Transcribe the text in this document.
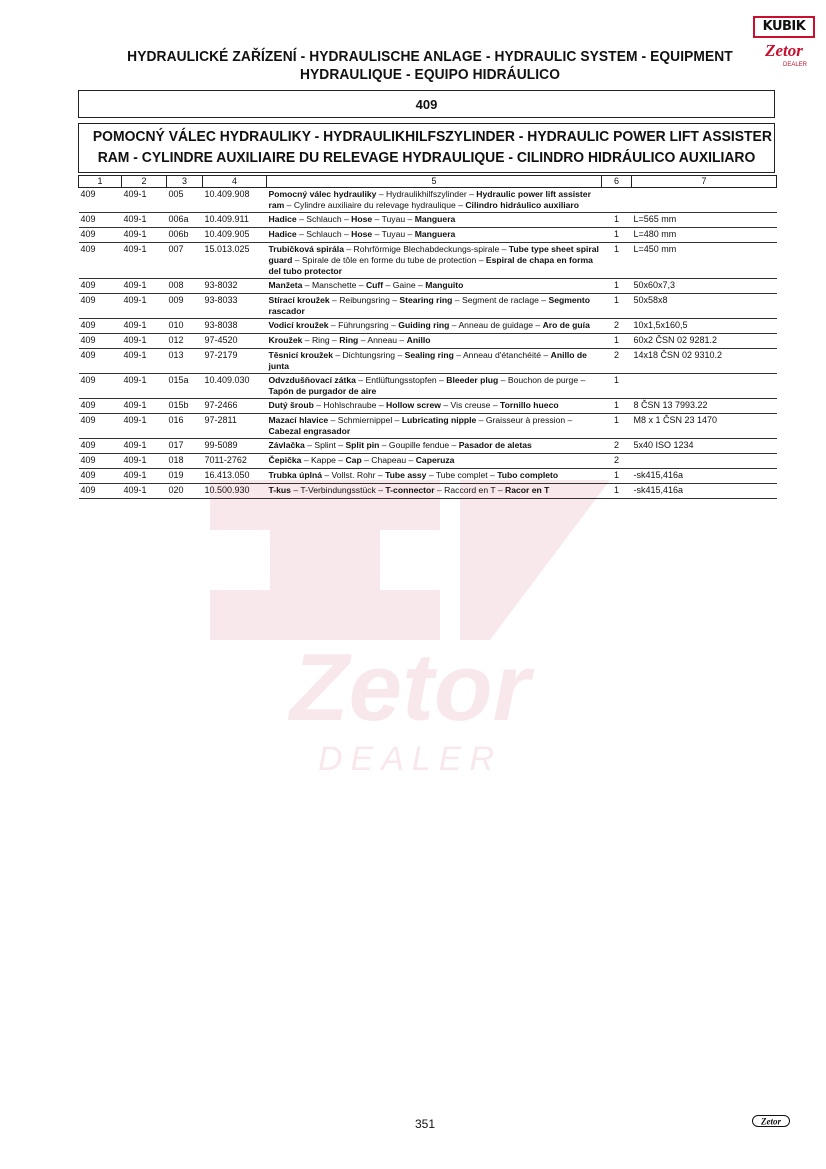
Zetor
DEALER
KUBIK
Zetor
DEALER
HYDRAULICKÉ ZAŘÍZENÍ - HYDRAULISCHE ANLAGE - HYDRAULIC SYSTEM - EQUIPMENT
HYDRAULIQUE - EQUIPO HIDRÁULICO
409
POMOCNÝ VÁLEC HYDRAULIKY - HYDRAULIKHILFSZYLINDER - HYDRAULIC POWER LIFT ASSISTER
RAM - CYLINDRE AUXILIAIRE DU RELEVAGE HYDRAULIQUE - CILINDRO HIDRÁULICO AUXILIARO
1	2	3	4	5	6	7
409	409-1	005	10.409.908	Pomocný válec hydrauliky – Hydraulikhilfszylinder – Hydraulic power lift assister ram – Cylindre auxiliaire du relevage hydraulique – Cilindro hidráulico auxiliaro		
409	409-1	006a	10.409.911	Hadice – Schlauch – Hose – Tuyau – Manguera	1	L=565 mm
409	409-1	006b	10.409.905	Hadice – Schlauch – Hose – Tuyau – Manguera	1	L=480 mm
409	409-1	007	15.013.025	Trubičková spirála – Rohrförmige Blechabdeckungs-spirale – Tube type sheet spiral guard – Spirale de tôle en forme du tube de protection – Espiral de chapa en forma del tubo protector	1	L=450 mm
409	409-1	008	93-8032	Manžeta – Manschette – Cuff – Gaine – Manguito	1	50x60x7,3
409	409-1	009	93-8033	Stírací kroužek – Reibungsring – Stearing ring – Segment de raclage – Segmento rascador	1	50x58x8
409	409-1	010	93-8038	Vodicí kroužek – Führungsring – Guiding ring – Anneau de guidage – Aro de guía	2	10x1,5x160,5
409	409-1	012	97-4520	Kroužek – Ring – Ring – Anneau – Anillo	1	60x2 ČSN 02 9281.2
409	409-1	013	97-2179	Těsnicí kroužek – Dichtungsring – Sealing ring – Anneau d'étanchéité – Anillo de junta	2	14x18 ČSN 02 9310.2
409	409-1	015a	10.409.030	Odvzdušňovací zátka – Entlüftungsstopfen – Bleeder plug – Bouchon de purge – Tapón de purgador de aire	1	
409	409-1	015b	97-2466	Dutý šroub – Hohlschraube – Hollow screw – Vis creuse – Tornillo hueco	1	8 ČSN 13 7993.22
409	409-1	016	97-2811	Mazací hlavice – Schmiernippel – Lubricating nipple – Graisseur à pression – Cabezal engrasador	1	M8 x 1 ČSN 23 1470
409	409-1	017	99-5089	Závlačka – Splint – Split pin – Goupille fendue – Pasador de aletas	2	5x40 ISO 1234
409	409-1	018	7011-2762	Čepička – Kappe – Cap – Chapeau – Caperuza	2	
409	409-1	019	16.413.050	Trubka úplná – Vollst. Rohr – Tube assy – Tube complet – Tubo completo	1	-sk415,416a
409	409-1	020	10.500.930	T-kus – T-Verbindungsstück – T-connector – Raccord en T – Racor en T	1	-sk415,416a
351	Zetor
